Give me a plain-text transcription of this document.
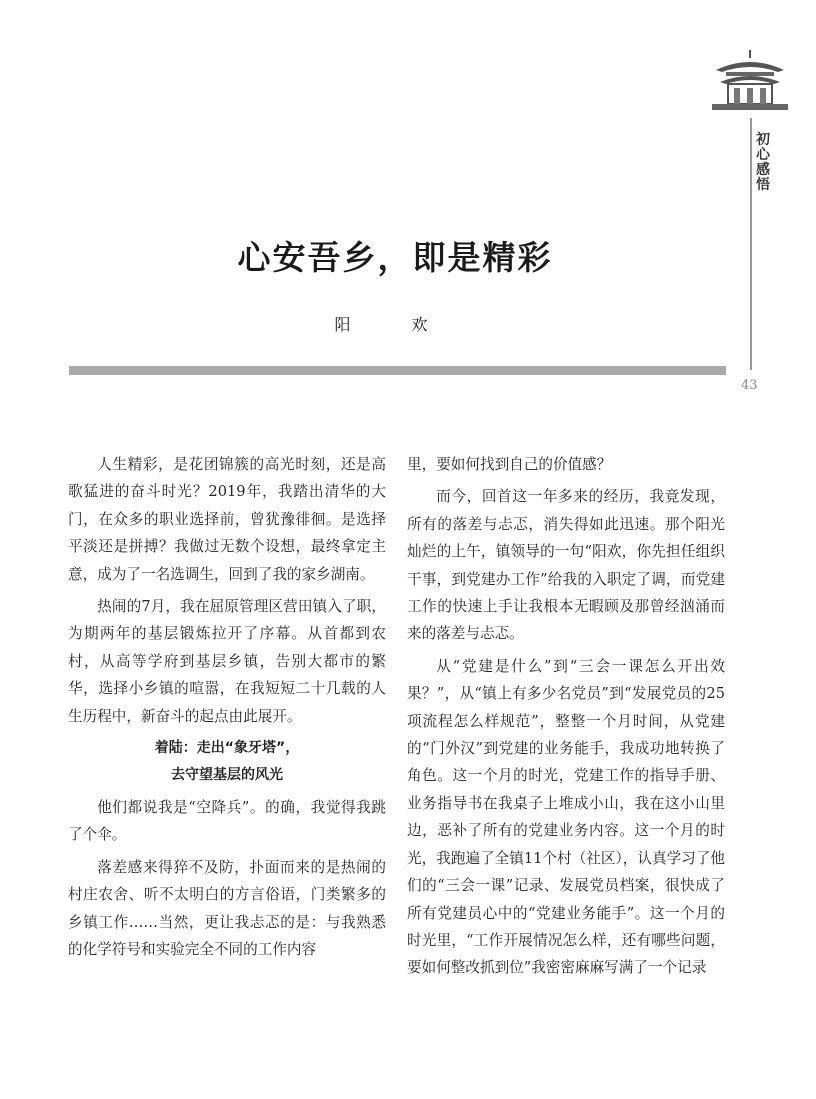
初心感悟
43
心安吾乡，即是精彩
阳 欢

人生精彩，是花团锦簇的高光时刻，还是高歌猛进的奋斗时光？2019年，我踏出清华的大门，在众多的职业选择前，曾犹豫徘徊。是选择平淡还是拼搏？我做过无数个设想，最终拿定主意，成为了一名选调生，回到了我的家乡湖南。

热闹的7月，我在屈原管理区营田镇入了职，为期两年的基层锻炼拉开了序幕。从首都到农村，从高等学府到基层乡镇，告别大都市的繁华，选择小乡镇的喧嚣，在我短短二十几载的人生历程中，新奋斗的起点由此展开。

着陆：走出“象牙塔”，
去守望基层的风光

他们都说我是“空降兵”。的确，我觉得我跳了个伞。

落差感来得猝不及防，扑面而来的是热闹的村庄农舍、听不太明白的方言俗语，门类繁多的乡镇工作……当然，更让我忐忑的是：与我熟悉的化学符号和实验完全不同的工作内容

里，要如何找到自己的价值感？

而今，回首这一年多来的经历，我竟发现，所有的落差与忐忑，消失得如此迅速。那个阳光灿烂的上午，镇领导的一句“阳欢，你先担任组织干事，到党建办工作”给我的入职定了调，而党建工作的快速上手让我根本无暇顾及那曾经汹涌而来的落差与忐忑。

从“党建是什么”到“三会一课怎么开出效果？”，从“镇上有多少名党员”到“发展党员的25项流程怎么样规范”，整整一个月时间，从党建的“门外汉”到党建的业务能手，我成功地转换了角色。这一个月的时光，党建工作的指导手册、业务指导书在我桌子上堆成小山，我在这小山里边，恶补了所有的党建业务内容。这一个月的时光，我跑遍了全镇11个村（社区），认真学习了他们的“三会一课”记录、发展党员档案，很快成了所有党建员心中的“党建业务能手”。这一个月的时光里，“工作开展情况怎么样，还有哪些问题，要如何整改抓到位”我密密麻麻写满了一个记录
